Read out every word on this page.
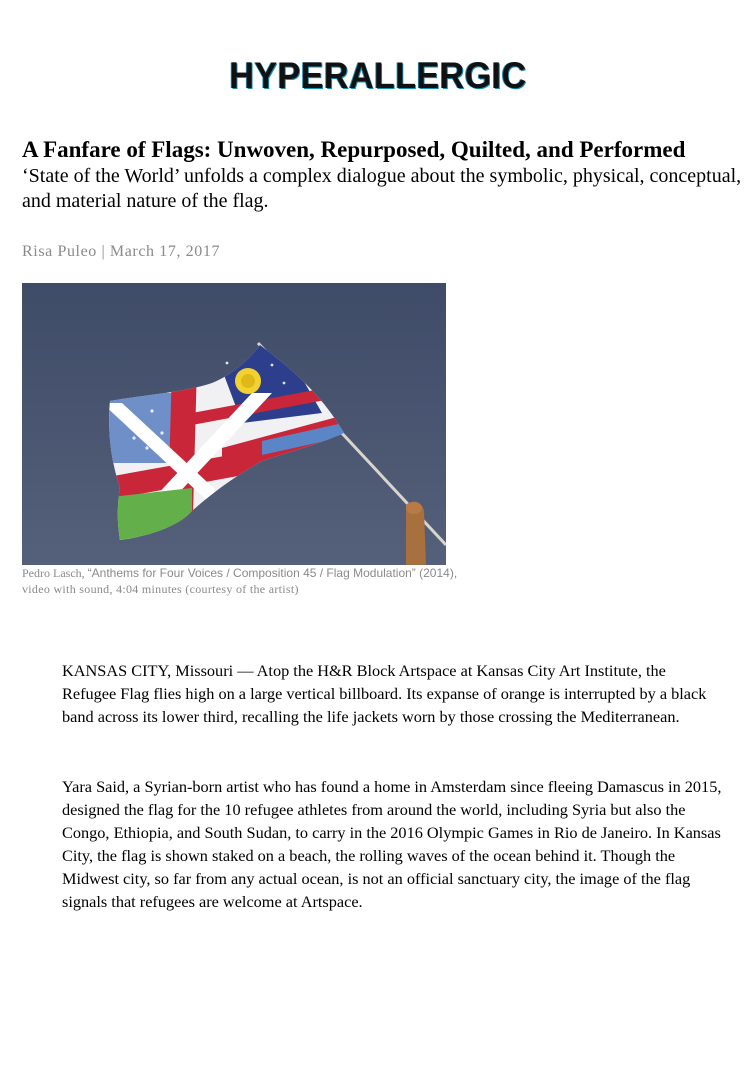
HYPERALLERGIC
A Fanfare of Flags: Unwoven, Repurposed, Quilted, and Performed

‘State of the World’ unfolds a complex dialogue about the symbolic, physical, conceptual, and material nature of the flag.

Risa Puleo | March 17, 2017
Pedro Lasch, “Anthems for Four Voices / Composition 45 / Flag Modulation” (2014),
video with sound, 4:04 minutes (courtesy of the artist)

KANSAS CITY, Missouri — Atop the H&R Block Artspace at Kansas City Art Institute, the Refugee Flag flies high on a large vertical billboard. Its expanse of orange is interrupted by a black band across its lower third, recalling the life jackets worn by those crossing the Mediterranean.

Yara Said, a Syrian-born artist who has found a home in Amsterdam since fleeing Damascus in 2015, designed the flag for the 10 refugee athletes from around the world, including Syria but also the Congo, Ethiopia, and South Sudan, to carry in the 2016 Olympic Games in Rio de Janeiro. In Kansas City, the flag is shown staked on a beach, the rolling waves of the ocean behind it. Though the Midwest city, so far from any actual ocean, is not an official sanctuary city, the image of the flag signals that refugees are welcome at Artspace.
